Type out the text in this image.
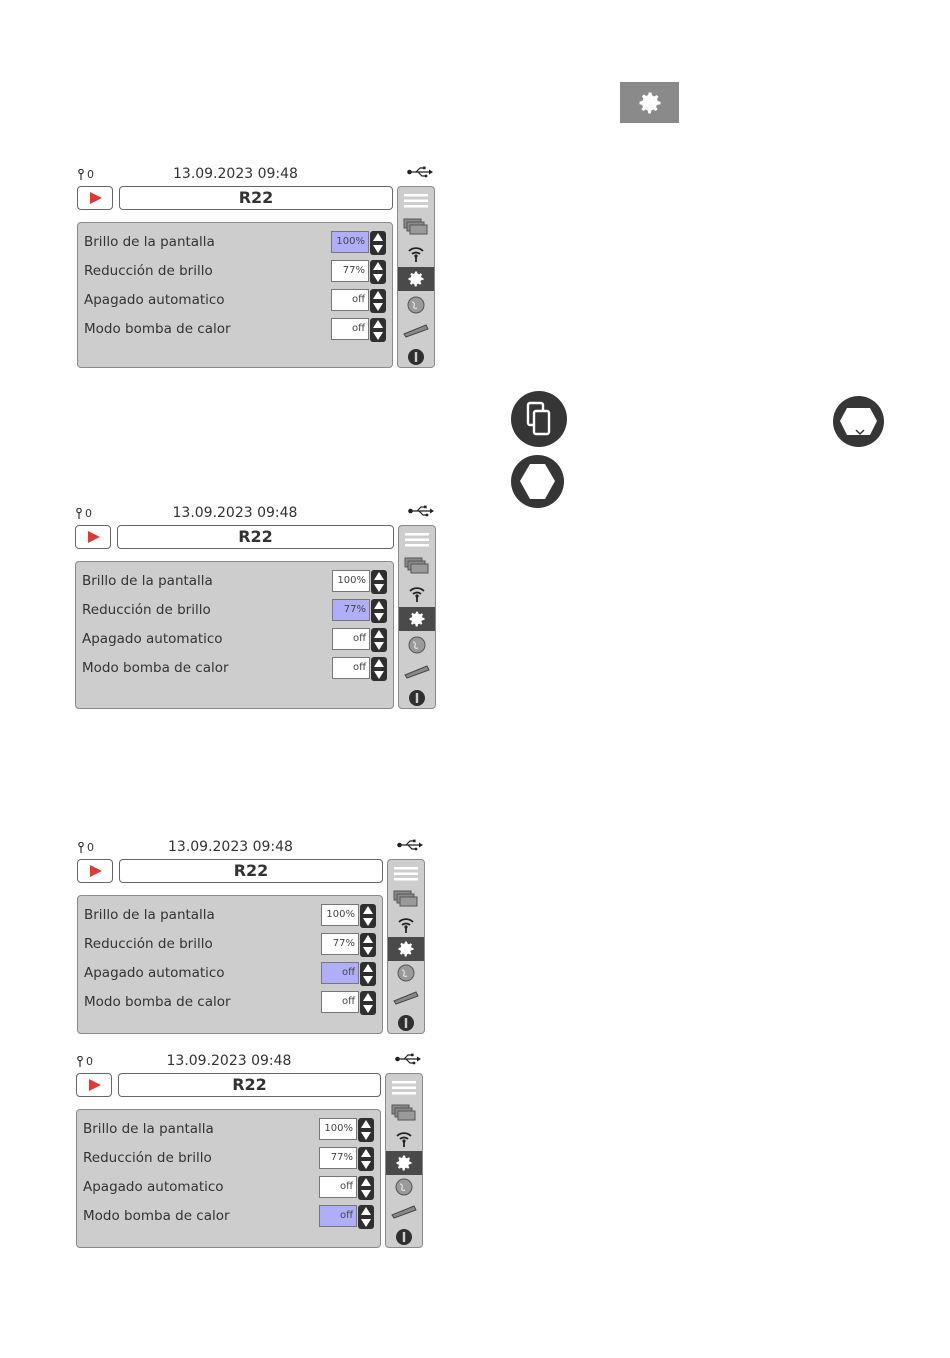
0	13.09.2023 09:48
R22
Brillo de la pantalla	100%
Reducción de brillo	77%
Apagado automatico	off
Modo bomba de calor	off
0	13.09.2023 09:48
R22
Brillo de la pantalla	100%
Reducción de brillo	77%
Apagado automatico	off
Modo bomba de calor	off
0	13.09.2023 09:48
R22
Brillo de la pantalla	100%
Reducción de brillo	77%
Apagado automatico	off
Modo bomba de calor	off
0	13.09.2023 09:48
R22
Brillo de la pantalla	100%
Reducción de brillo	77%
Apagado automatico	off
Modo bomba de calor	off
